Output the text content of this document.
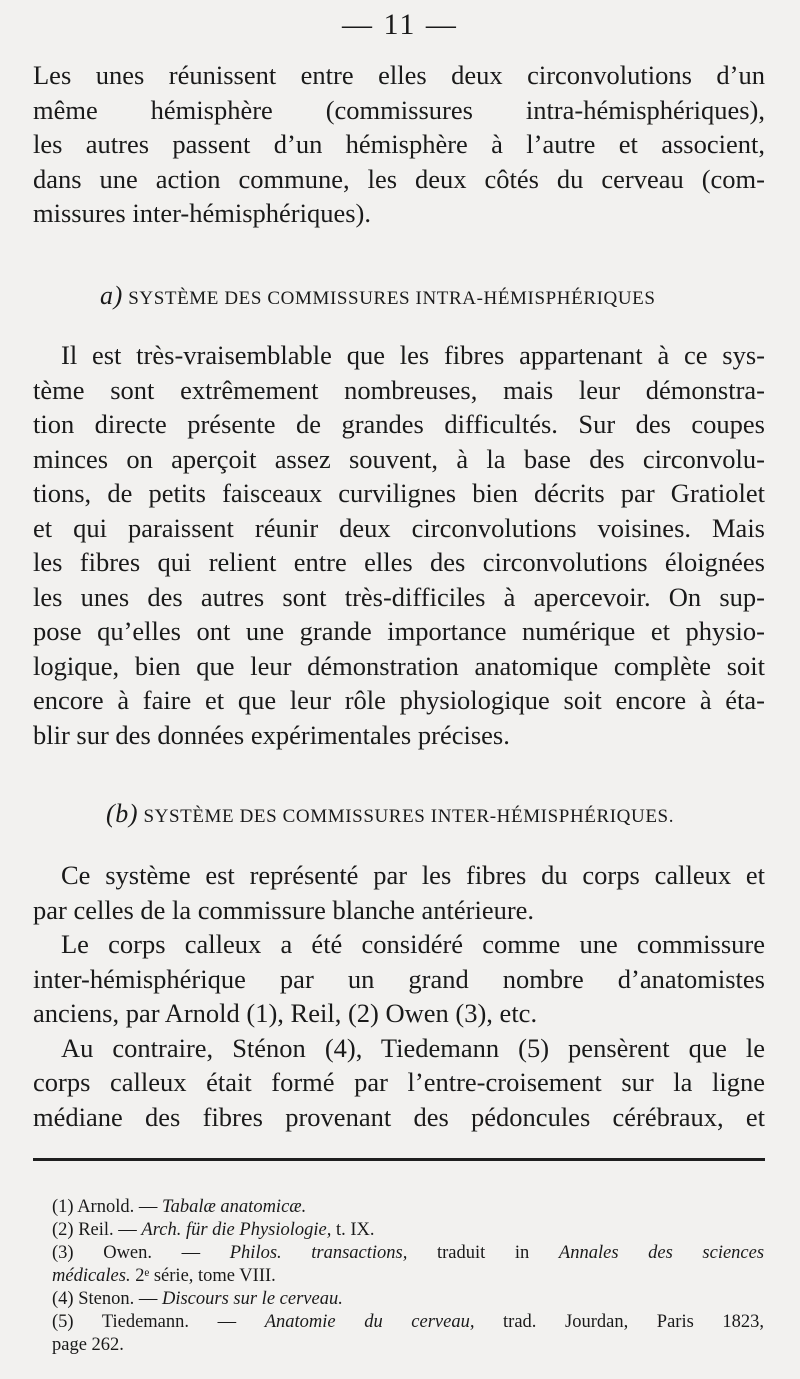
— 11 —
Les unes réunissent entre elles deux circonvolutions d’un
même hémisphère (commissures intra-hémisphériques),
les autres passent d’un hémisphère à l’autre et associent,
dans une action commune, les deux côtés du cerveau (com-
missures inter-hémisphériques).
a) SYSTÈME DES COMMISSURES INTRA-HÉMISPHÉRIQUES
Il est très-vraisemblable que les fibres appartenant à ce sys-
tème sont extrêmement nombreuses, mais leur démonstra-
tion directe présente de grandes difficultés. Sur des coupes
minces on aperçoit assez souvent, à la base des circonvolu-
tions, de petits faisceaux curvilignes bien décrits par Gratiolet
et qui paraissent réunir deux circonvolutions voisines. Mais
les fibres qui relient entre elles des circonvolutions éloignées
les unes des autres sont très-difficiles à apercevoir. On sup-
pose qu’elles ont une grande importance numérique et physio-
logique, bien que leur démonstration anatomique complète soit
encore à faire et que leur rôle physiologique soit encore à éta-
blir sur des données expérimentales précises.
(b) SYSTÈME DES COMMISSURES INTER-HÉMISPHÉRIQUES.
Ce système est représenté par les fibres du corps calleux et
par celles de la commissure blanche antérieure.
Le corps calleux a été considéré comme une commissure
inter-hémisphérique par un grand nombre d’anatomistes
anciens, par Arnold (1), Reil, (2) Owen (3), etc.
Au contraire, Sténon (4), Tiedemann (5) pensèrent que le
corps calleux était formé par l’entre-croisement sur la ligne
médiane des fibres provenant des pédoncules cérébraux, et
(1) Arnold. — Tabalæ anatomicæ.
(2) Reil. — Arch. für die Physiologie, t. IX.
(3) Owen. — Philos. transactions, traduit in Annales des sciences
médicales. 2ᵉ série, tome VIII.
(4) Stenon. — Discours sur le cerveau.
(5) Tiedemann. — Anatomie du cerveau, trad. Jourdan, Paris 1823,
page 262.
